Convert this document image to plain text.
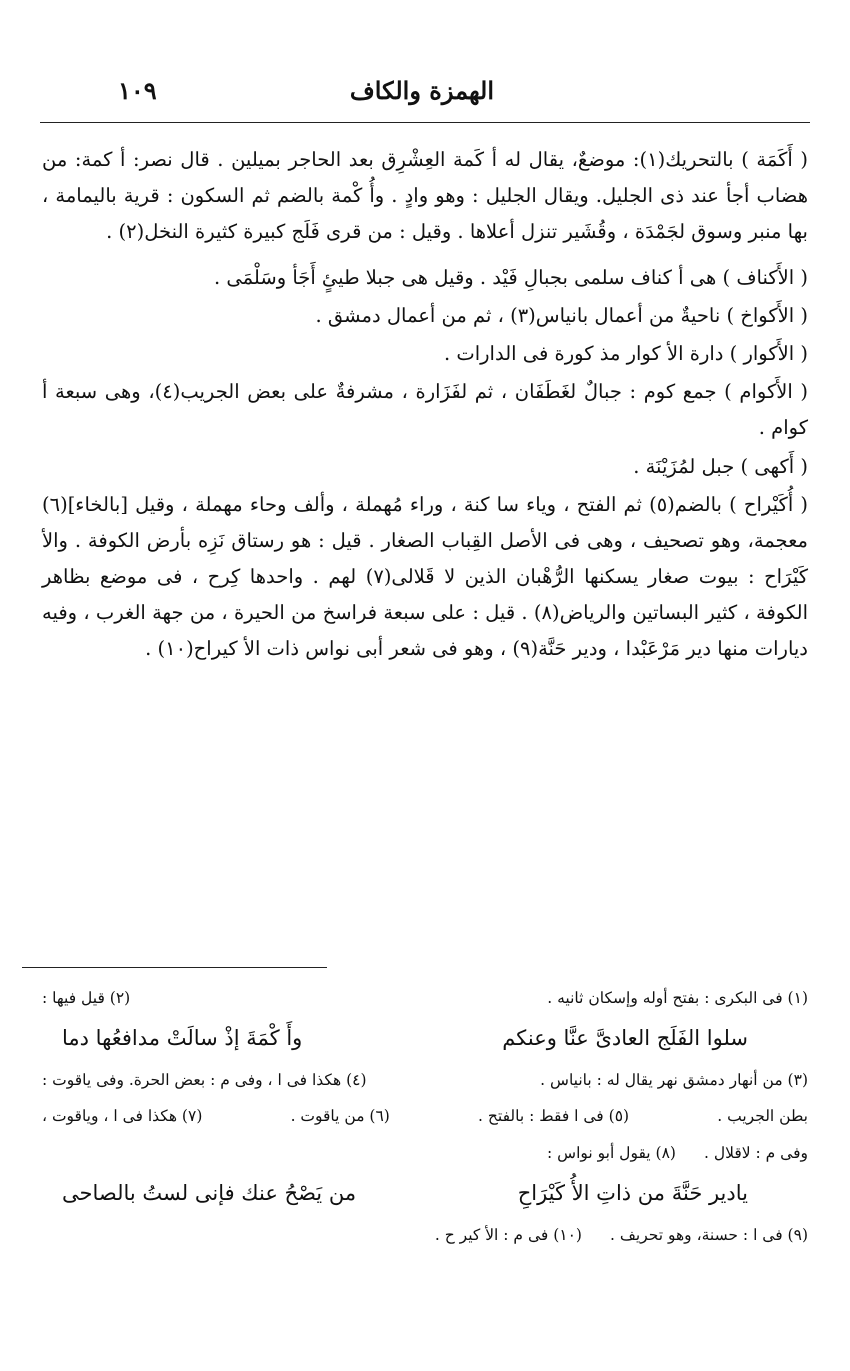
الهمزة والكاف
١٠٩

( أَكَمَة ) بالتحريك(١): موضعٌ، يقال له أ كَمة العِشْرِق بعد الحاجر بميلين . قال نصر: أ كمة: من هضاب أجأ عند ذى الجليل. ويقال الجليل : وهو وادٍ . وأُ كْمة بالضم ثم السكون : قرية باليمامة ، بها منبر وسوق لجَمْدَة ، وقُشَير تنزل أعلاها . وقيل : من قرى فَلَج كبيرة كثيرة النخل(٢) .

( الأَكناف ) هى أ كناف سلمى بجبالِ فَيْد . وقيل هى جبلا طيئٍ أَجَأ وسَلْمَى .

( الأَكواخ ) ناحيةٌ من أعمال بانياس(٣) ، ثم من أعمال دمشق .

( الأَكوار ) دارة الأ كوار مذ كورة فى الدارات .

( الأَكوام ) جمع كوم : جبالٌ لغَطَفَان ، ثم لفَزَارة ، مشرفةٌ على بعض الجريب(٤)، وهى سبعة أ كوام .

( أَكهى ) جبل لمُزَيْنَة .

( أُكَيْراح ) بالضم(٥) ثم الفتح ، وياء سا كنة ، وراء مُهملة ، وألف وحاء مهملة ، وقيل [بالخاء](٦) معجمة، وهو تصحيف ، وهى فى الأصل القِباب الصغار . قيل : هو رستاق نَزِه بأرض الكوفة . والأ كَيْرَاح : بيوت صغار يسكنها الرُّهْبان الذين لا قَلالى(٧) لهم . واحدها كِرح ، فى موضع بظاهر الكوفة ، كثير البساتين والرياض(٨) . قيل : على سبعة فراسخ من الحيرة ، من جهة الغرب ، وفيه ديارات منها دير مَرْعَبْدا ، ودير حَنَّة(٩) ، وهو فى شعر أبى نواس ذات الأ كيراح(١٠) .

(١) فى البكرى : بفتح أوله وإسكان ثانيه .
(٢) قيل فيها :
سلوا الفَلَج العادىَّ عنَّا وعنكم
وأَ كْمَةَ إذْ سالَتْ مدافعُها دما
(٣) من أنهار دمشق نهر يقال له : بانياس .
(٤) هكذا فى ا ، وفى م : بعض الحرة. وفى ياقوت :
بطن الجريب .
(٥) فى ا فقط : بالفتح .
(٦) من ياقوت .
(٧) هكذا فى ا ، وياقوت ،
وفى م : لاقلال .
(٨) يقول أبو نواس :
يادير حَنَّةَ من ذاتِ الأُ كَيْرَاحِ
من يَصْحُ عنك فإنى لستُ بالصاحى
(٩) فى ا : حسنة، وهو تحريف .
(١٠) فى م : الأ كير ح .
